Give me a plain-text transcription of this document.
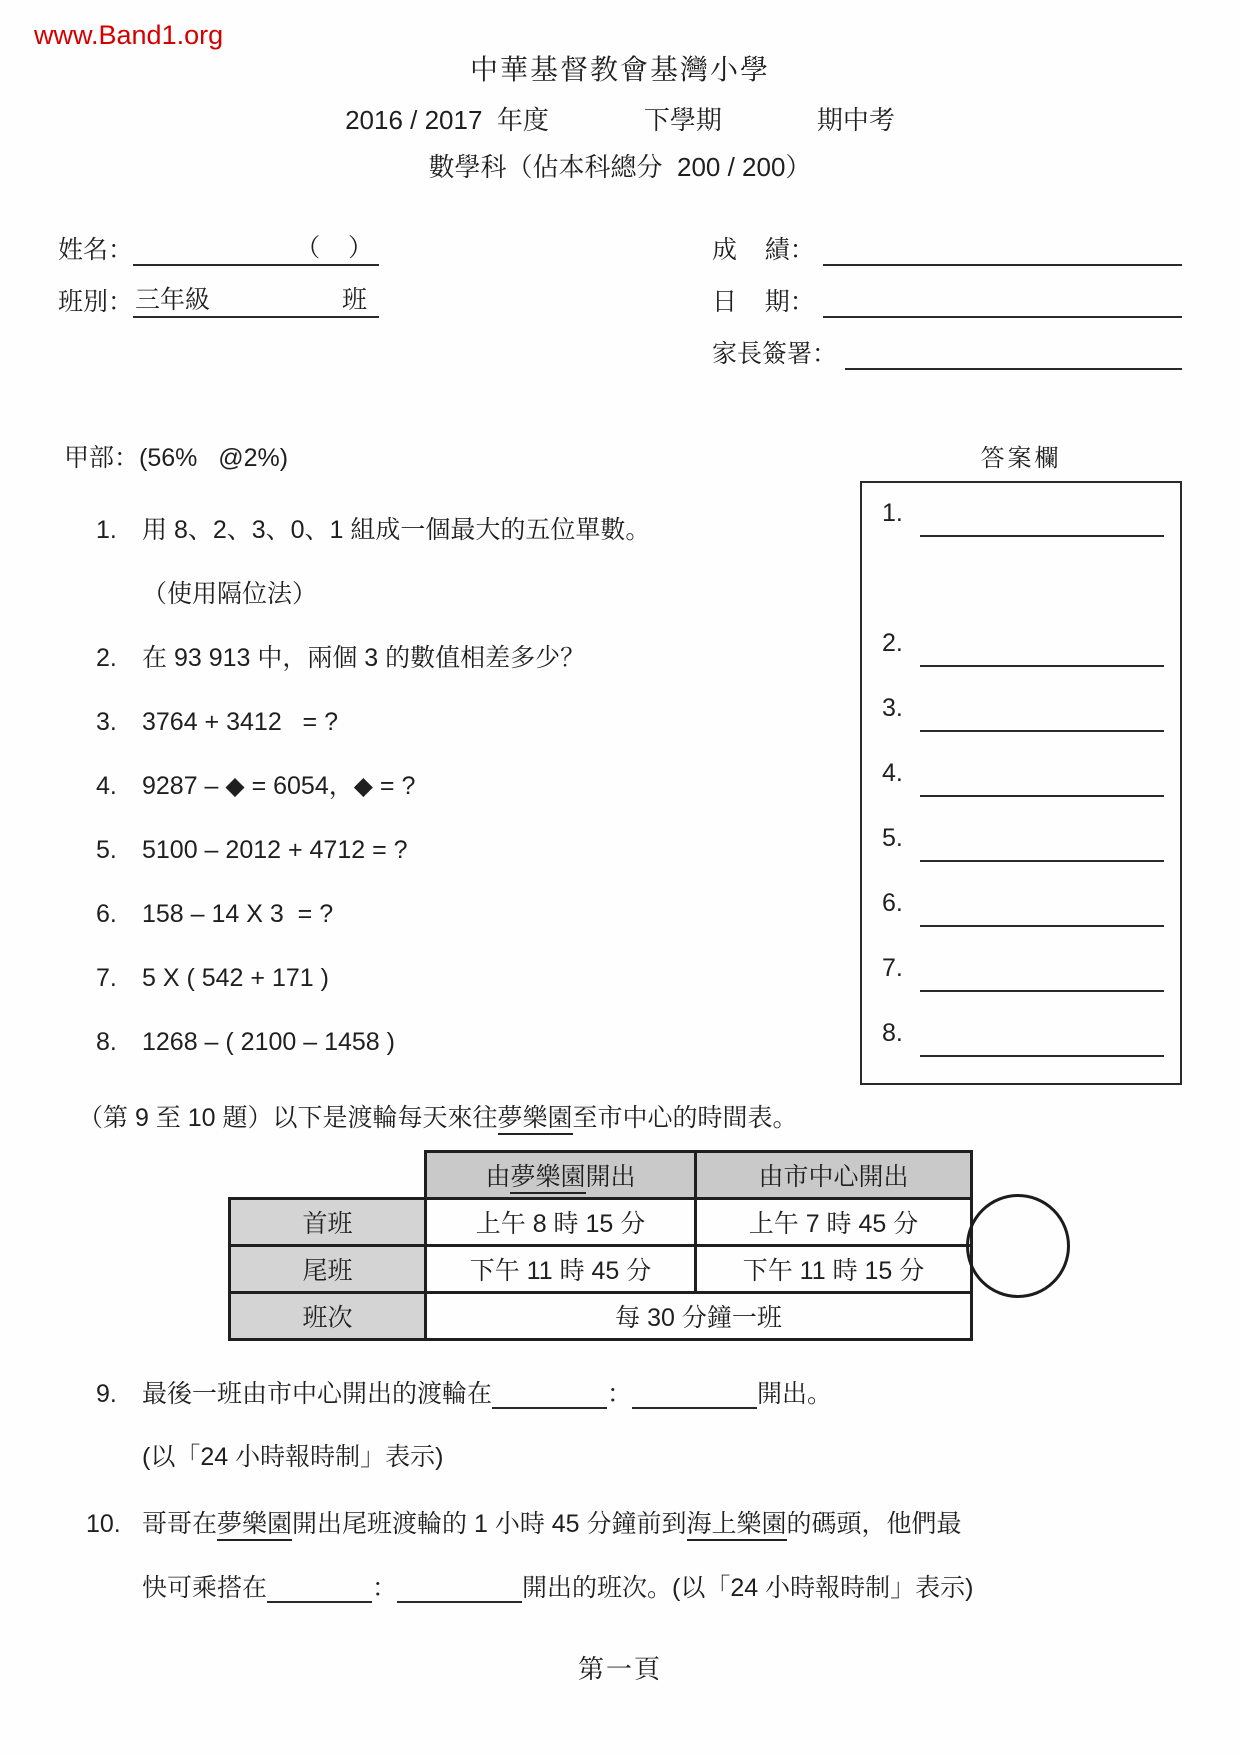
www.Band1.org
中華基督教會基灣小學
2016 / 2017  年度	下學期	期中考
數學科（佔本科總分  200 / 200）
姓名：	（    ）
班別： 三年級	班
成    績：
日    期：
家長簽署：
甲部：(56%   @2%)
1.	用 8、2、3、0、1 組成一個最大的五位單數。
（使用隔位法）
2.	在 93 913 中，兩個 3 的數值相差多少？
3.	3764 + 3412   = ?
4.	9287 – ◆ = 6054，◆ = ?
5.	5100 – 2012 + 4712 = ?
6.	158 – 14 X 3  = ?
7.	5 X ( 542 + 171 )
8.	1268 – ( 2100 – 1458 )
答案欄
1.
2.
3.
4.
5.
6.
7.
8.
（第 9 至 10 題）以下是渡輪每天來往夢樂園至市中心的時間表。
	由夢樂園開出	由市中心開出
首班	上午 8 時 15 分	上午 7 時 45 分
尾班	下午 11 時 45 分	下午 11 時 15 分
班次	每 30 分鐘一班	
9.	最後一班由市中心開出的渡輪在	：	開出。
(以「24 小時報時制」表示)
10. 哥哥在夢樂園開出尾班渡輪的 1 小時 45 分鐘前到海上樂園的碼頭，他們最
快可乘搭在	：	開出的班次。(以「24 小時報時制」表示)
第一頁
